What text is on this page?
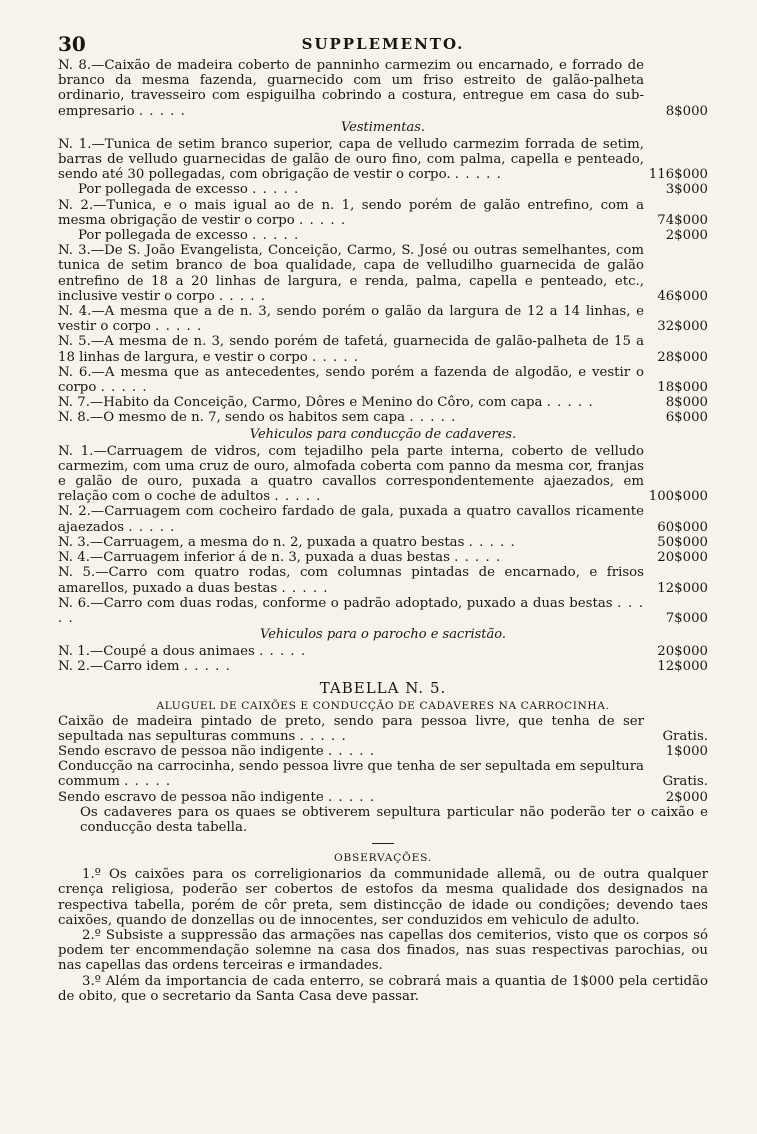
30	SUPPLEMENTO.
N. 8.—Caixão de madeira coberto de panninho carmezim ou encarnado, e forrado de branco da mesma fazenda, guarnecido com um friso estreito de galão-palheta ordinario, travesseiro com espiguilha cobrindo a costura, entregue em casa do sub-empresario . . . . .	8$000
Vestimentas.
N. 1.—Tunica de setim branco superior, capa de velludo carmezim forrada de setim, barras de velludo guarnecidas de galão de ouro fino, com palma, capella e penteado, sendo até 30 pollegadas, com obrigação de vestir o corpo. . . . . .	116$000
Por pollegada de excesso . . . . .	3$000
N. 2.—Tunica, e o mais igual ao de n. 1, sendo porém de galão entrefino, com a mesma obrigação de vestir o corpo . . . . .	74$000
Por pollegada de excesso . . . . .	2$000
N. 3.—De S. João Evangelista, Conceição, Carmo, S. José ou outras semelhantes, com tunica de setim branco de boa qualidade, capa de velludilho guarnecida de galão entrefino de 18 a 20 linhas de largura, e renda, palma, capella e penteado, etc., inclusive vestir o corpo . . . . .	46$000
N. 4.—A mesma que a de n. 3, sendo porém o galão da largura de 12 a 14 linhas, e vestir o corpo . . . . .	32$000
N. 5.—A mesma de n. 3, sendo porém de tafetá, guarnecida de galão-palheta de 15 a 18 linhas de largura, e vestir o corpo . . . . .	28$000
N. 6.—A mesma que as antecedentes, sendo porém a fazenda de algodão, e vestir o corpo . . . . .	18$000
N. 7.—Habito da Conceição, Carmo, Dôres e Menino do Côro, com capa . . . . .	8$000
N. 8.—O mesmo de n. 7, sendo os habitos sem capa . . . . .	6$000
Vehiculos para conducção de cadaveres.
N. 1.—Carruagem de vidros, com tejadilho pela parte interna, coberto de velludo carmezim, com uma cruz de ouro, almofada coberta com panno da mesma cor, franjas e galão de ouro, puxada a quatro cavallos correspondentemente ajaezados, em relação com o coche de adultos . . . . .	100$000
N. 2.—Carruagem com cocheiro fardado de gala, puxada a quatro cavallos ricamente ajaezados . . . . .	60$000
N. 3.—Carruagem, a mesma do n. 2, puxada a quatro bestas . . . . .	50$000
N. 4.—Carruagem inferior á de n. 3, puxada a duas bestas . . . . .	20$000
N. 5.—Carro com quatro rodas, com columnas pintadas de encarnado, e frisos amarellos, puxado a duas bestas . . . . .	12$000
N. 6.—Carro com duas rodas, conforme o padrão adoptado, puxado a duas bestas . . . . .	7$000
Vehiculos para o parocho e sacristão.
N. 1.—Coupé a dous animaes . . . . .	20$000
N. 2.—Carro idem . . . . .	12$000
TABELLA N. 5.
ALUGUEL DE CAIXÕES E CONDUCÇÃO DE CADAVERES NA CARROCINHA.
Caixão de madeira pintado de preto, sendo para pessoa livre, que tenha de ser sepultada nas sepulturas communs . . . . .	Gratis.
Sendo escravo de pessoa não indigente . . . . .	1$000
Conducção na carrocinha, sendo pessoa livre que tenha de ser sepultada em sepultura commum . . . . .	Gratis.
Sendo escravo de pessoa não indigente . . . . .	2$000
Os cadaveres para os quaes se obtiverem sepultura particular não poderão ter o caixão e conducção desta tabella.
OBSERVAÇÕES.
1.º Os caixões para os correligionarios da communidade allemã, ou de outra qualquer crença religiosa, poderão ser cobertos de estofos da mesma qualidade dos designados na respectiva tabella, porém de côr preta, sem distincção de idade ou condições; devendo taes caixões, quando de donzellas ou de innocentes, ser conduzidos em vehiculo de adulto.
2.º Subsiste a suppressão das armações nas capellas dos cemiterios, visto que os corpos só podem ter encommendação solemne na casa dos finados, nas suas respectivas parochias, ou nas capellas das ordens terceiras e irmandades.
3.º Além da importancia de cada enterro, se cobrará mais a quantia de 1$000 pela certidão de obito, que o secretario da Santa Casa deve passar.
